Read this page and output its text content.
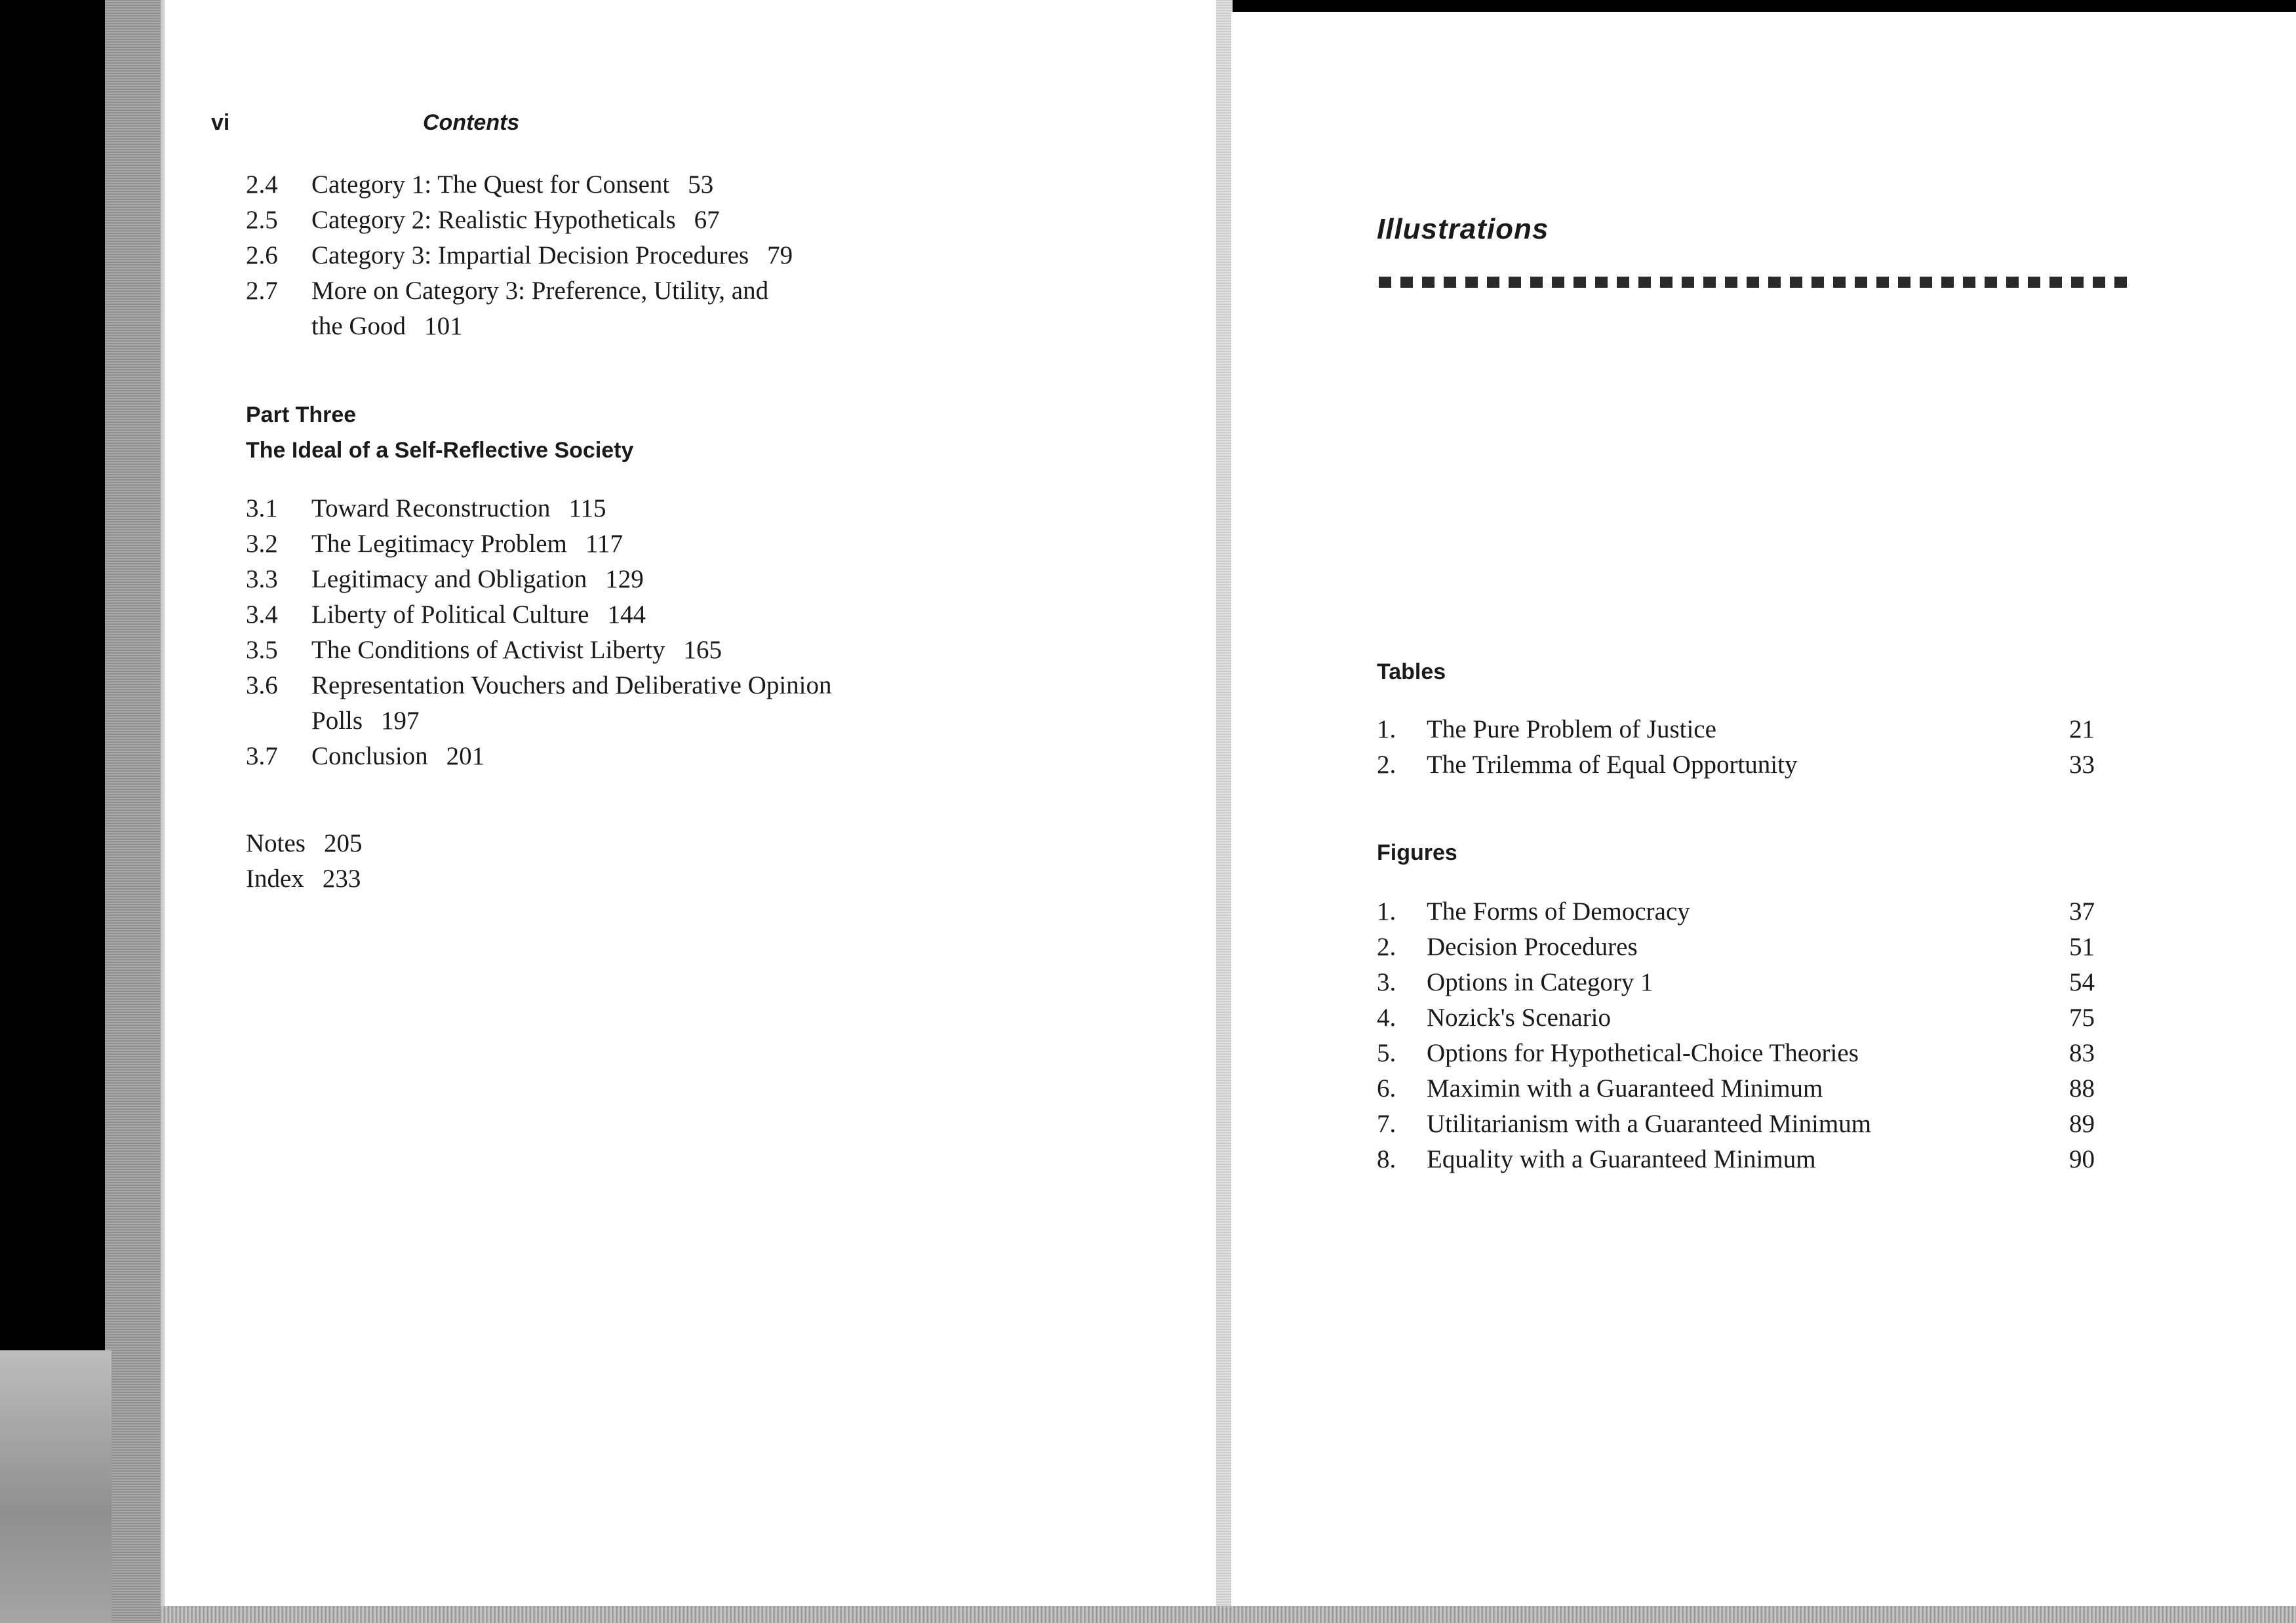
vi	Contents
2.4	Category 1: The Quest for Consent 53
2.5	Category 2: Realistic Hypotheticals 67
2.6	Category 3: Impartial Decision Procedures 79
2.7	More on Category 3: Preference, Utility, and
the Good 101
Part Three
The Ideal of a Self-Reflective Society
3.1	Toward Reconstruction 115
3.2	The Legitimacy Problem 117
3.3	Legitimacy and Obligation 129
3.4	Liberty of Political Culture 144
3.5	The Conditions of Activist Liberty 165
3.6	Representation Vouchers and Deliberative Opinion
Polls 197
3.7	Conclusion 201
Notes 205
Index 233
Illustrations
Tables
1.	The Pure Problem of Justice	21
2.	The Trilemma of Equal Opportunity	33
Figures
1.	The Forms of Democracy	37
2.	Decision Procedures	51
3.	Options in Category 1	54
4.	Nozick's Scenario	75
5.	Options for Hypothetical-Choice Theories	83
6.	Maximin with a Guaranteed Minimum	88
7.	Utilitarianism with a Guaranteed Minimum	89
8.	Equality with a Guaranteed Minimum	90
